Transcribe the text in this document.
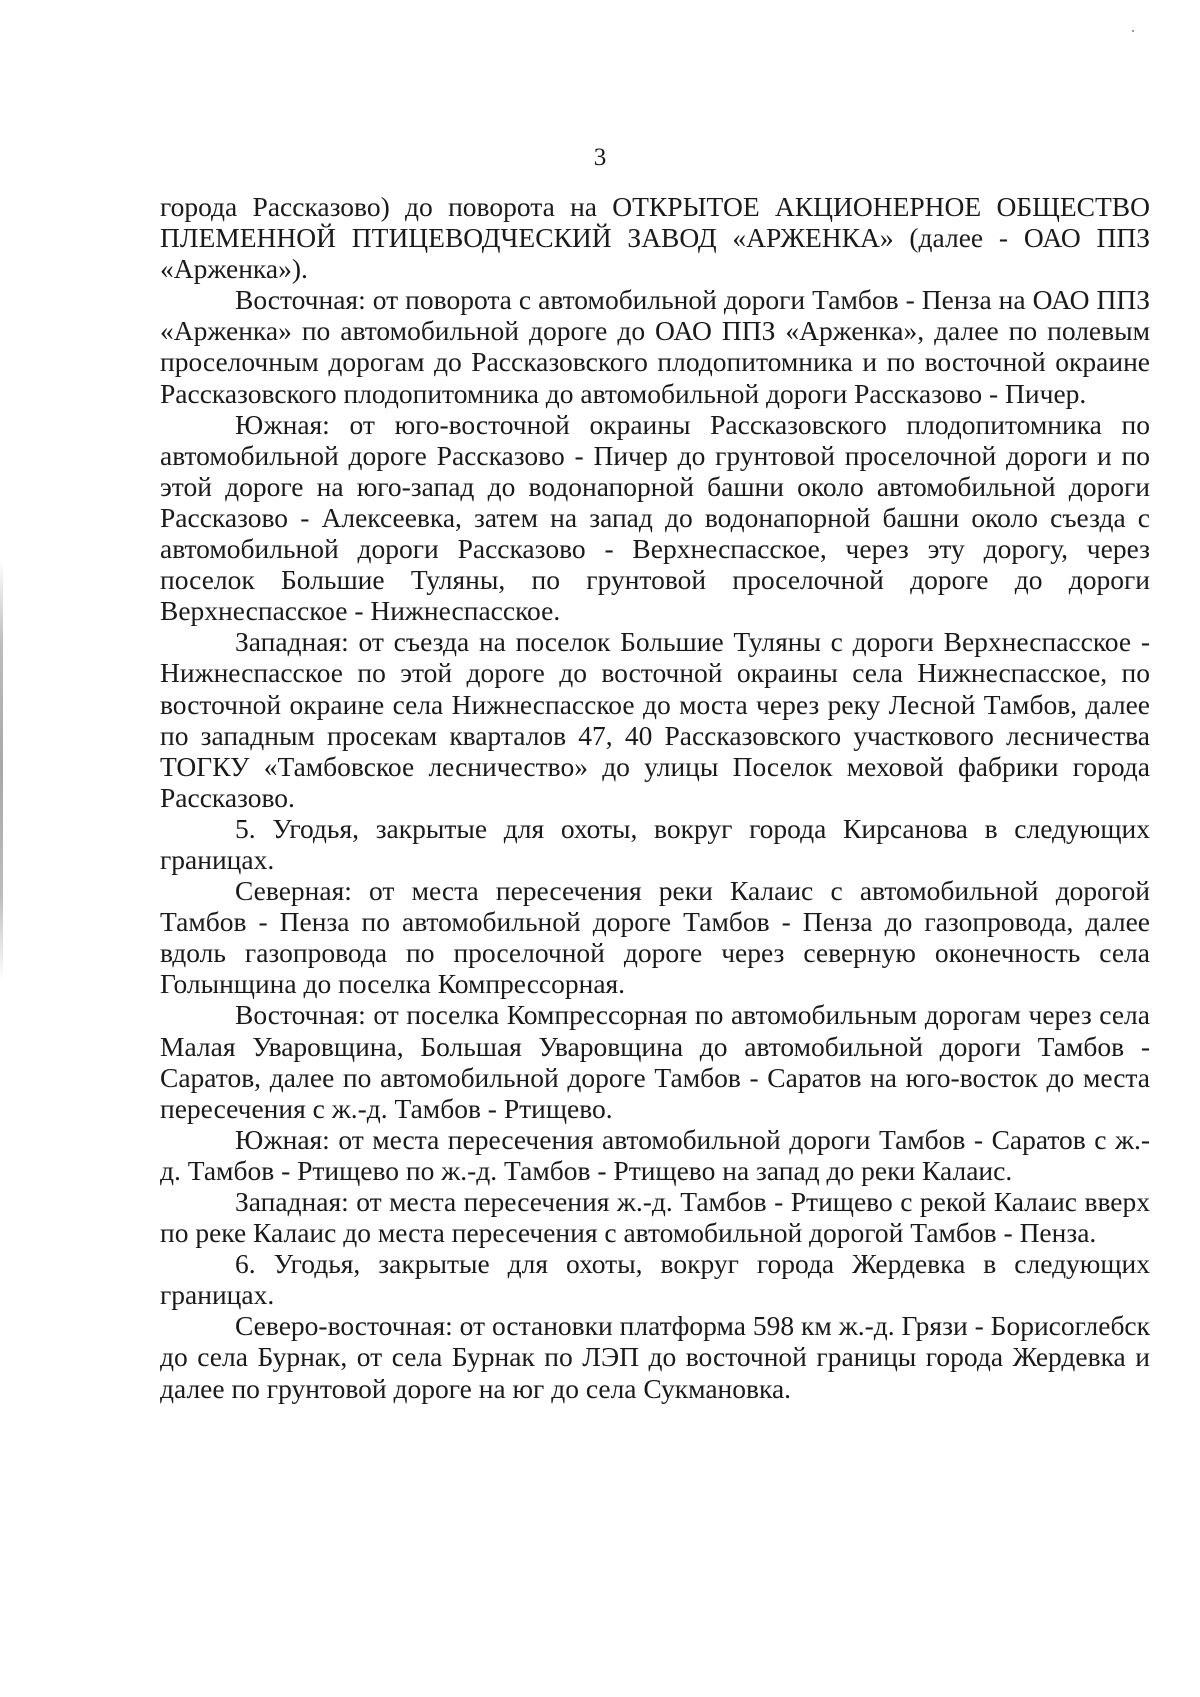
3

города Рассказово) до поворота на ОТКРЫТОЕ АКЦИОНЕРНОЕ ОБЩЕСТВО ПЛЕМЕННОЙ ПТИЦЕВОДЧЕСКИЙ ЗАВОД «АРЖЕНКА» (далее - ОАО ППЗ «Арженка»).

Восточная: от поворота с автомобильной дороги Тамбов - Пенза на ОАО ППЗ «Арженка» по автомобильной дороге до ОАО ППЗ «Арженка», далее по полевым проселочным дорогам до Рассказовского плодопитомника и по восточной окраине Рассказовского плодопитомника до автомобильной дороги Рассказово - Пичер.

Южная: от юго-восточной окраины Рассказовского плодопитомника по автомобильной дороге Рассказово - Пичер до грунтовой проселочной дороги и по этой дороге на юго-запад до водонапорной башни около автомобильной дороги Рассказово - Алексеевка, затем на запад до водонапорной башни около съезда с автомобильной дороги Рассказово - Верхнеспасское, через эту дорогу, через поселок Большие Туляны, по грунтовой проселочной дороге до дороги Верхнеспасское - Нижнеспасское.

Западная: от съезда на поселок Большие Туляны с дороги Верхнеспасское - Нижнеспасское по этой дороге до восточной окраины села Нижнеспасское, по восточной окраине села Нижнеспасское до моста через реку Лесной Тамбов, далее по западным просекам кварталов 47, 40 Рассказовского участкового лесничества ТОГКУ «Тамбовское лесничество» до улицы Поселок меховой фабрики города Рассказово.

5. Угодья, закрытые для охоты, вокруг города Кирсанова в следующих границах.

Северная: от места пересечения реки Калаис с автомобильной дорогой Тамбов - Пенза по автомобильной дороге Тамбов - Пенза до газопровода, далее вдоль газопровода по проселочной дороге через северную оконечность села Голынщина до поселка Компрессорная.

Восточная: от поселка Компрессорная по автомобильным дорогам через села Малая Уваровщина, Большая Уваровщина до автомобильной дороги Тамбов - Саратов, далее по автомобильной дороге Тамбов - Саратов на юго-восток до места пересечения с ж.-д. Тамбов - Ртищево.

Южная: от места пересечения автомобильной дороги Тамбов - Саратов с ж.-д. Тамбов - Ртищево по ж.-д. Тамбов - Ртищево на запад до реки Калаис.

Западная: от места пересечения ж.-д. Тамбов - Ртищево с рекой Калаис вверх по реке Калаис до места пересечения с автомобильной дорогой Тамбов - Пенза.

6. Угодья, закрытые для охоты, вокруг города Жердевка в следующих границах.

Северо-восточная: от остановки платформа 598 км ж.-д. Грязи - Борисоглебск до села Бурнак, от села Бурнак по ЛЭП до восточной границы города Жердевка и далее по грунтовой дороге на юг до села Сукмановка.
